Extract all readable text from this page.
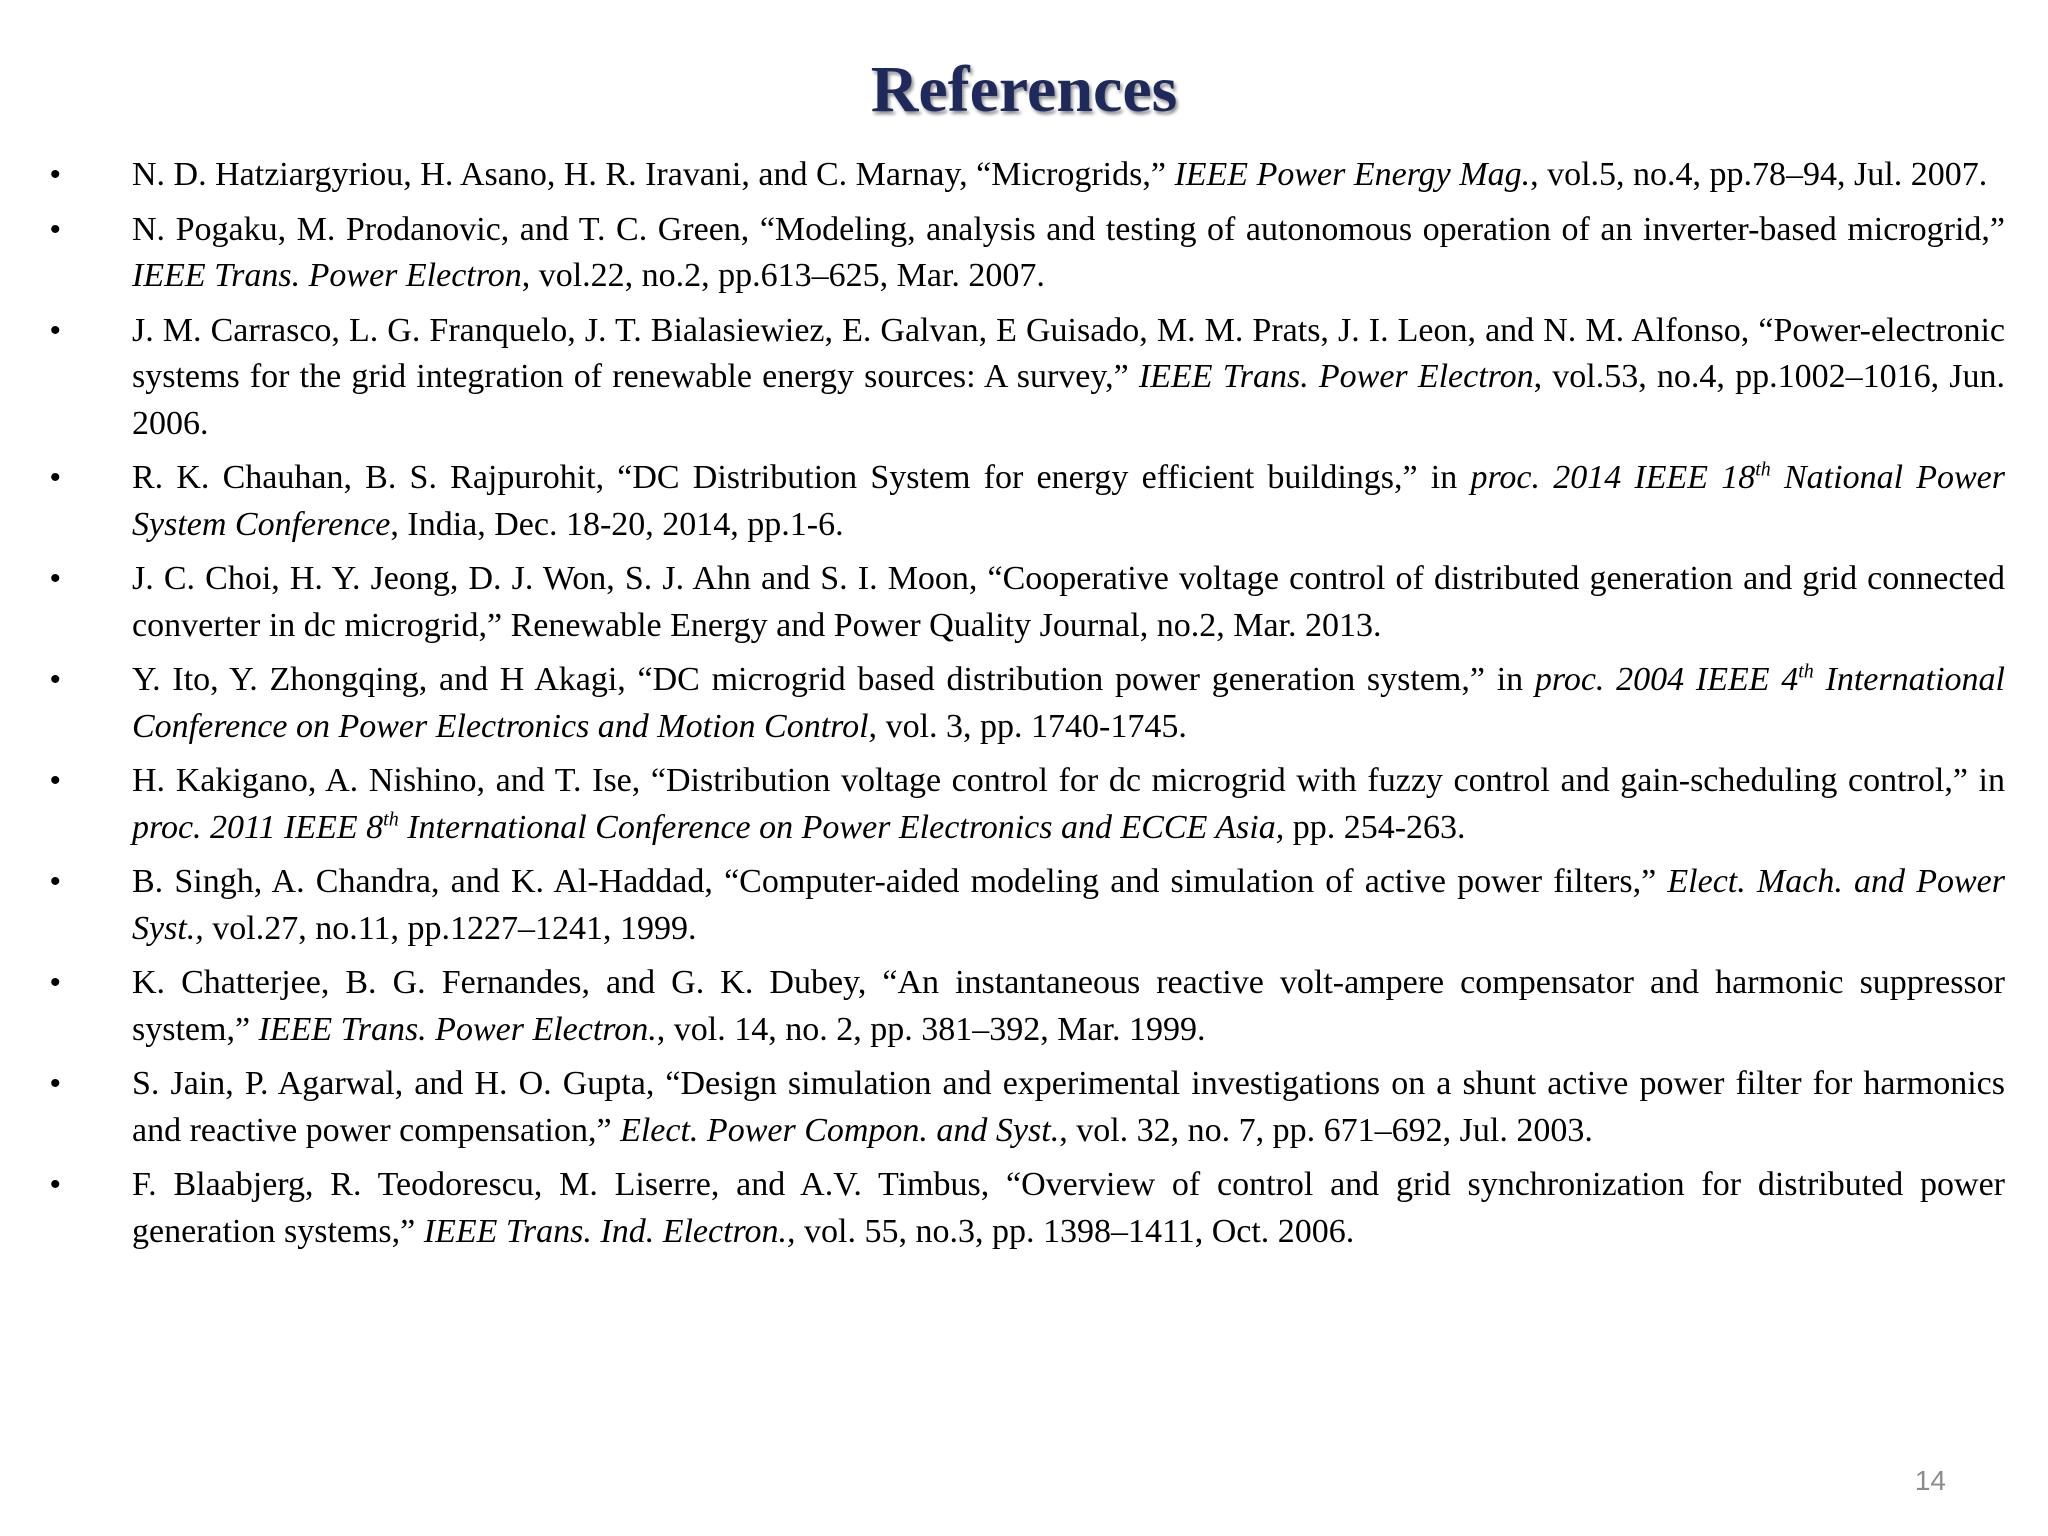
References
• N. D. Hatziargyriou, H. Asano, H. R. Iravani, and C. Marnay, “Microgrids,” IEEE Power Energy Mag., vol.5, no.4, pp.78–94, Jul. 2007.
• N. Pogaku, M. Prodanovic, and T. C. Green, “Modeling, analysis and testing of autonomous operation of an inverter-based microgrid,” IEEE Trans. Power Electron, vol.22, no.2, pp.613–625, Mar. 2007.
• J. M. Carrasco, L. G. Franquelo, J. T. Bialasiewiez, E. Galvan, E Guisado, M. M. Prats, J. I. Leon, and N. M. Alfonso, “Power-electronic systems for the grid integration of renewable energy sources: A survey,” IEEE Trans. Power Electron, vol.53, no.4, pp.1002–1016, Jun. 2006.
• R. K. Chauhan, B. S. Rajpurohit, “DC Distribution System for energy efficient buildings,” in proc. 2014 IEEE 18th National Power System Conference, India, Dec. 18-20, 2014, pp.1-6.
• J. C. Choi, H. Y. Jeong, D. J. Won, S. J. Ahn and S. I. Moon, “Cooperative voltage control of distributed generation and grid connected converter in dc microgrid,” Renewable Energy and Power Quality Journal, no.2, Mar. 2013.
• Y. Ito, Y. Zhongqing, and H Akagi, “DC microgrid based distribution power generation system,” in proc. 2004 IEEE 4th International Conference on Power Electronics and Motion Control, vol. 3, pp. 1740-1745.
• H. Kakigano, A. Nishino, and T. Ise, “Distribution voltage control for dc microgrid with fuzzy control and gain-scheduling control,” in proc. 2011 IEEE 8th International Conference on Power Electronics and ECCE Asia, pp. 254-263.
• B. Singh, A. Chandra, and K. Al-Haddad, “Computer-aided modeling and simulation of active power filters,” Elect. Mach. and Power Syst., vol.27, no.11, pp.1227–1241, 1999.
• K. Chatterjee, B. G. Fernandes, and G. K. Dubey, “An instantaneous reactive volt-ampere compensator and harmonic suppressor system,” IEEE Trans. Power Electron., vol. 14, no. 2, pp. 381–392, Mar. 1999.
• S. Jain, P. Agarwal, and H. O. Gupta, “Design simulation and experimental investigations on a shunt active power filter for harmonics and reactive power compensation,” Elect. Power Compon. and Syst., vol. 32, no. 7, pp. 671–692, Jul. 2003.
• F. Blaabjerg, R. Teodorescu, M. Liserre, and A.V. Timbus, “Overview of control and grid synchronization for distributed power generation systems,” IEEE Trans. Ind. Electron., vol. 55, no.3, pp. 1398–1411, Oct. 2006.
14
